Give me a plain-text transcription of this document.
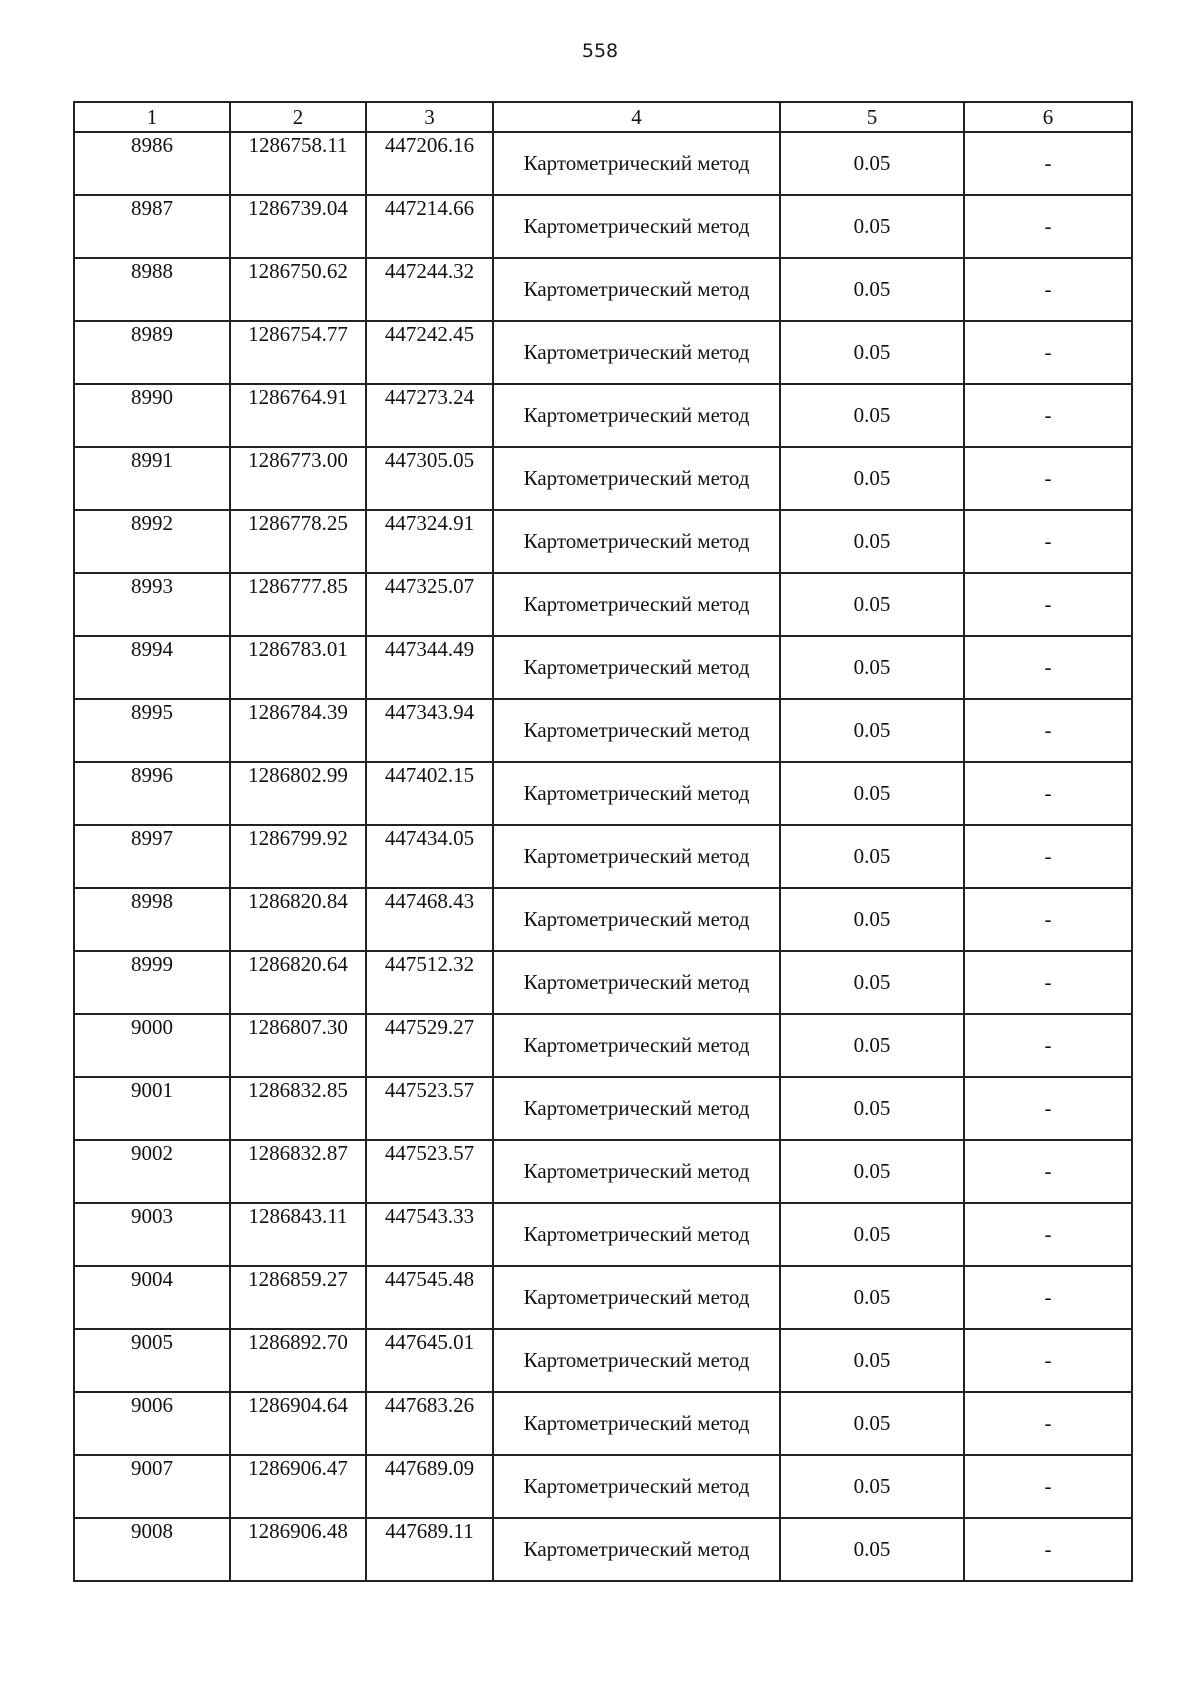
558
1	2	3	4	5	6
8986	1286758.11	447206.16	Картометрический метод	0.05	-
8987	1286739.04	447214.66	Картометрический метод	0.05	-
8988	1286750.62	447244.32	Картометрический метод	0.05	-
8989	1286754.77	447242.45	Картометрический метод	0.05	-
8990	1286764.91	447273.24	Картометрический метод	0.05	-
8991	1286773.00	447305.05	Картометрический метод	0.05	-
8992	1286778.25	447324.91	Картометрический метод	0.05	-
8993	1286777.85	447325.07	Картометрический метод	0.05	-
8994	1286783.01	447344.49	Картометрический метод	0.05	-
8995	1286784.39	447343.94	Картометрический метод	0.05	-
8996	1286802.99	447402.15	Картометрический метод	0.05	-
8997	1286799.92	447434.05	Картометрический метод	0.05	-
8998	1286820.84	447468.43	Картометрический метод	0.05	-
8999	1286820.64	447512.32	Картометрический метод	0.05	-
9000	1286807.30	447529.27	Картометрический метод	0.05	-
9001	1286832.85	447523.57	Картометрический метод	0.05	-
9002	1286832.87	447523.57	Картометрический метод	0.05	-
9003	1286843.11	447543.33	Картометрический метод	0.05	-
9004	1286859.27	447545.48	Картометрический метод	0.05	-
9005	1286892.70	447645.01	Картометрический метод	0.05	-
9006	1286904.64	447683.26	Картометрический метод	0.05	-
9007	1286906.47	447689.09	Картометрический метод	0.05	-
9008	1286906.48	447689.11	Картометрический метод	0.05	-
